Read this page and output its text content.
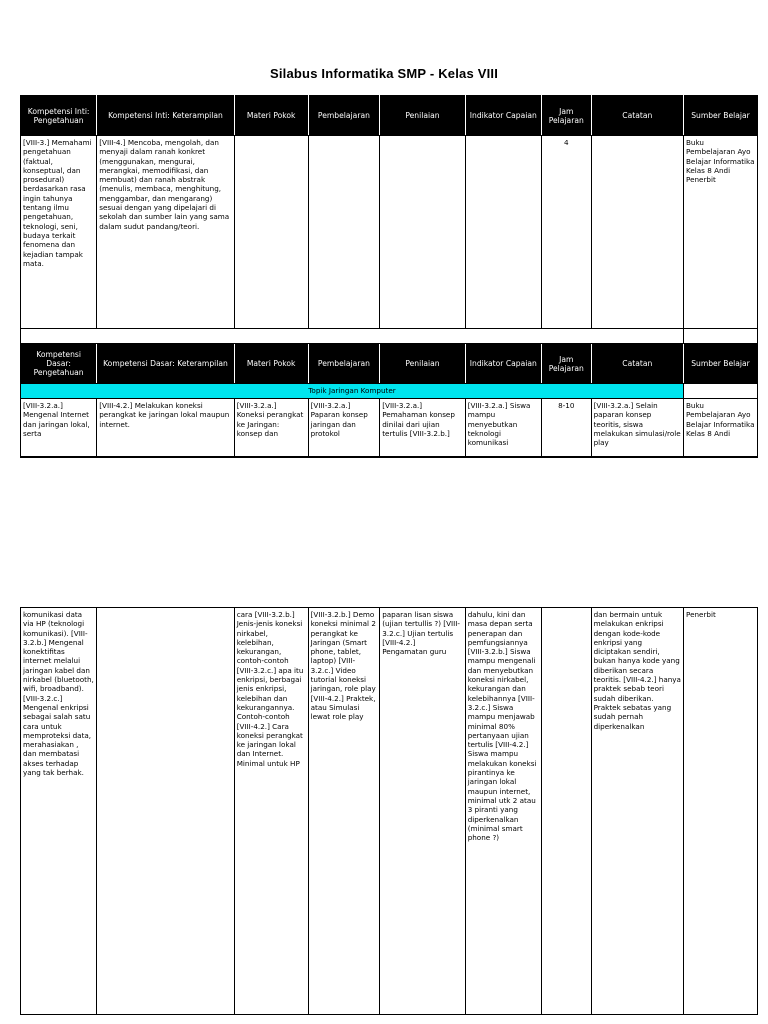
Silabus Informatika SMP - Kelas VIII
Kompetensi Inti: Pengetahuan	Kompetensi Inti: Keterampilan	Materi Pokok	Pembelajaran	Penilaian	Indikator Capaian	Jam Pelajaran	Catatan	Sumber Belajar
[VIII-3.] Memahami pengetahuan (faktual, konseptual, dan prosedural) berdasarkan rasa ingin tahunya tentang ilmu pengetahuan, teknologi, seni, budaya terkait fenomena dan kejadian tampak mata.	[VIII-4.] Mencoba, mengolah, dan menyaji dalam ranah konkret (menggunakan, mengurai, merangkai, memodifikasi, dan membuat) dan ranah abstrak (menulis, membaca, menghitung, menggambar, dan mengarang) sesuai dengan yang dipelajari di sekolah dan sumber lain yang sama dalam sudut pandang/teori.					4		Buku Pembelajaran Ayo Belajar Informatika Kelas 8 Andi Penerbit

Kompetensi Dasar: Pengetahuan	Kompetensi Dasar: Keterampilan	Materi Pokok	Pembelajaran	Penilaian	Indikator Capaian	Jam Pelajaran	Catatan	Sumber Belajar
Topik Jaringan Komputer								
[VIII-3.2.a.] Mengenal Internet dan jaringan lokal, serta	[VIII-4.2.] Melakukan koneksi perangkat ke jaringan lokal maupun internet.	[VIII-3.2.a.] Koneksi perangkat ke Jaringan: konsep dan	[VIII-3.2.a.] Paparan konsep jaringan dan protokol	[VIII-3.2.a.] Pemahaman konsep dinilai dari ujian tertulis [VIII-3.2.b.]	[VIII-3.2.a.] Siswa mampu menyebutkan teknologi komunikasi	8-10	[VIII-3.2.a.] Selain paparan konsep teoritis, siswa melakukan simulasi/role play	Buku Pembelajaran Ayo Belajar Informatika Kelas 8 Andi
komunikasi data via HP (teknologi komunikasi). [VIII-3.2.b.] Mengenal konektifitas internet melalui jaringan kabel dan nirkabel (bluetooth, wifi, broadband). [VIII-3.2.c.] Mengenal enkripsi sebagai salah satu cara untuk memproteksi data, merahasiakan , dan membatasi akses terhadap yang tak berhak.		cara [VIII-3.2.b.] Jenis-jenis koneksi nirkabel, kelebihan, kekurangan, contoh-contoh [VIII-3.2.c.] apa itu enkripsi, berbagai jenis enkripsi, kelebihan dan kekurangannya. Contoh-contoh [VIII-4.2.] Cara koneksi perangkat ke jaringan lokal dan Internet. Minimal untuk HP	[VIII-3.2.b.] Demo koneksi minimal 2 perangkat ke Jaringan (Smart phone, tablet, laptop) [VIII-3.2.c.] Video tutorial koneksi jaringan, role play [VIII-4.2.] Praktek, atau Simulasi lewat role play	paparan lisan siswa (ujian tertullis ?) [VIII-3.2.c.] Ujian tertulis [VIII-4.2.] Pengamatan guru	dahulu, kini dan masa depan serta penerapan dan pemfungsiannya [VIII-3.2.b.] Siswa mampu mengenali dan menyebutkan koneksi nirkabel, kekurangan dan kelebihannya [VIII-3.2.c.] Siswa mampu menjawab minimal 80% pertanyaan ujian tertulis [VIII-4.2.] Siswa mampu melakukan koneksi pirantinya ke jaringan lokal maupun internet, minimal utk 2 atau 3 piranti yang diperkenalkan (minimal smart phone ?)		dan bermain untuk melakukan enkripsi dengan kode-kode enkripsi yang diciptakan sendiri, bukan hanya kode yang diberikan secara teoritis. [VIII-4.2.] hanya praktek sebab teori sudah diberikan. Praktek sebatas yang sudah pernah diperkenalkan	Penerbit
